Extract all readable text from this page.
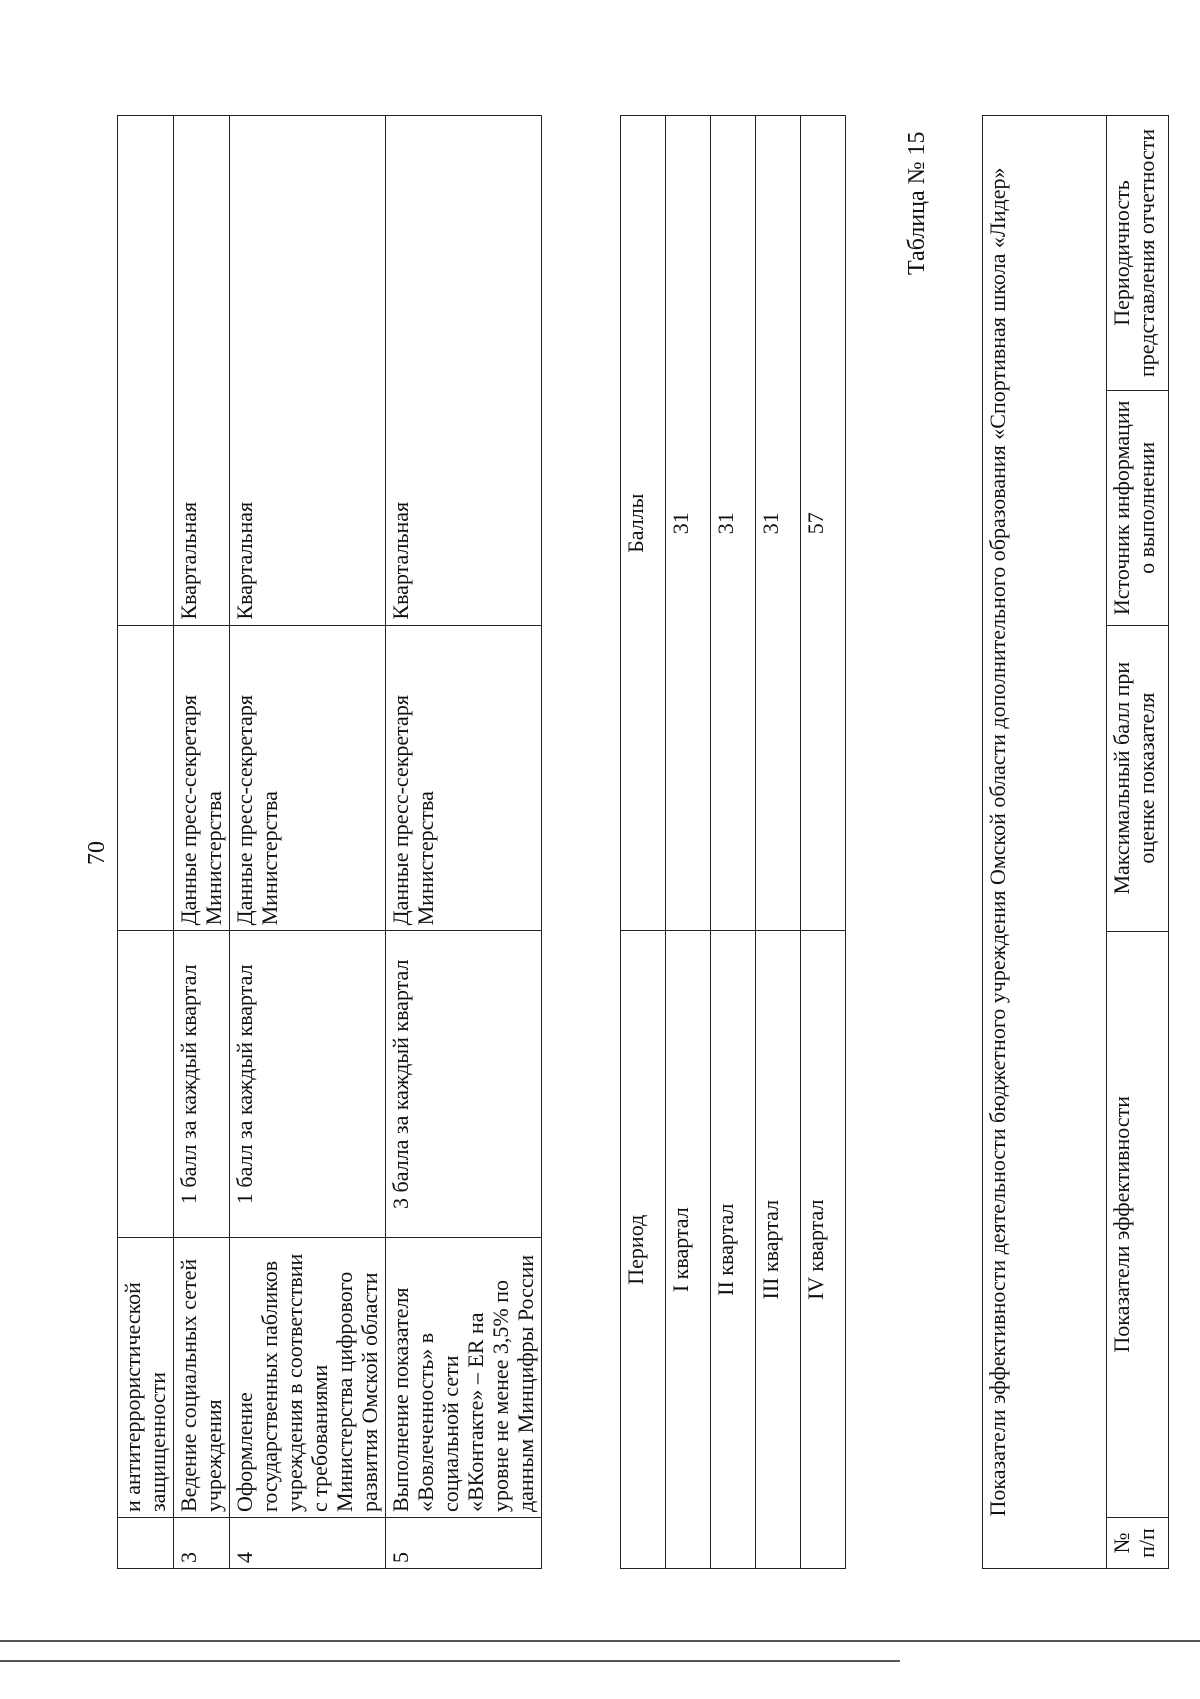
70
	и антитеррористической защищенности			
3	Ведение социальных сетей учреждения	1 балл за каждый квартал	Данные пресс-секретаря Министерства	Квартальная
4	Оформление государственных пабликов учреждения в соответствии с требованиями Министерства цифрового развития Омской области	1 балл за каждый квартал	Данные пресс-секретаря Министерства	Квартальная
5	Выполнение показателя «Вовлеченность» в социальной сети «ВКонтакте» – ER на уровне не менее 3,5% по данным Минцифры России	3 балла за каждый квартал	Данные пресс-секретаря Министерства	Квартальная
Период	Баллы
I квартал	31
II квартал	31
III квартал	31
IV квартал	57
Таблица № 15	Показатели эффективности деятельности бюджетного учреждения Омской области дополнительного образования «Спортивная школа «Лидер»
№ п/п	Показатели эффективности	Максимальный балл при оценке показателя	Источник информации о выполнении	Периодичность представления отчетности
